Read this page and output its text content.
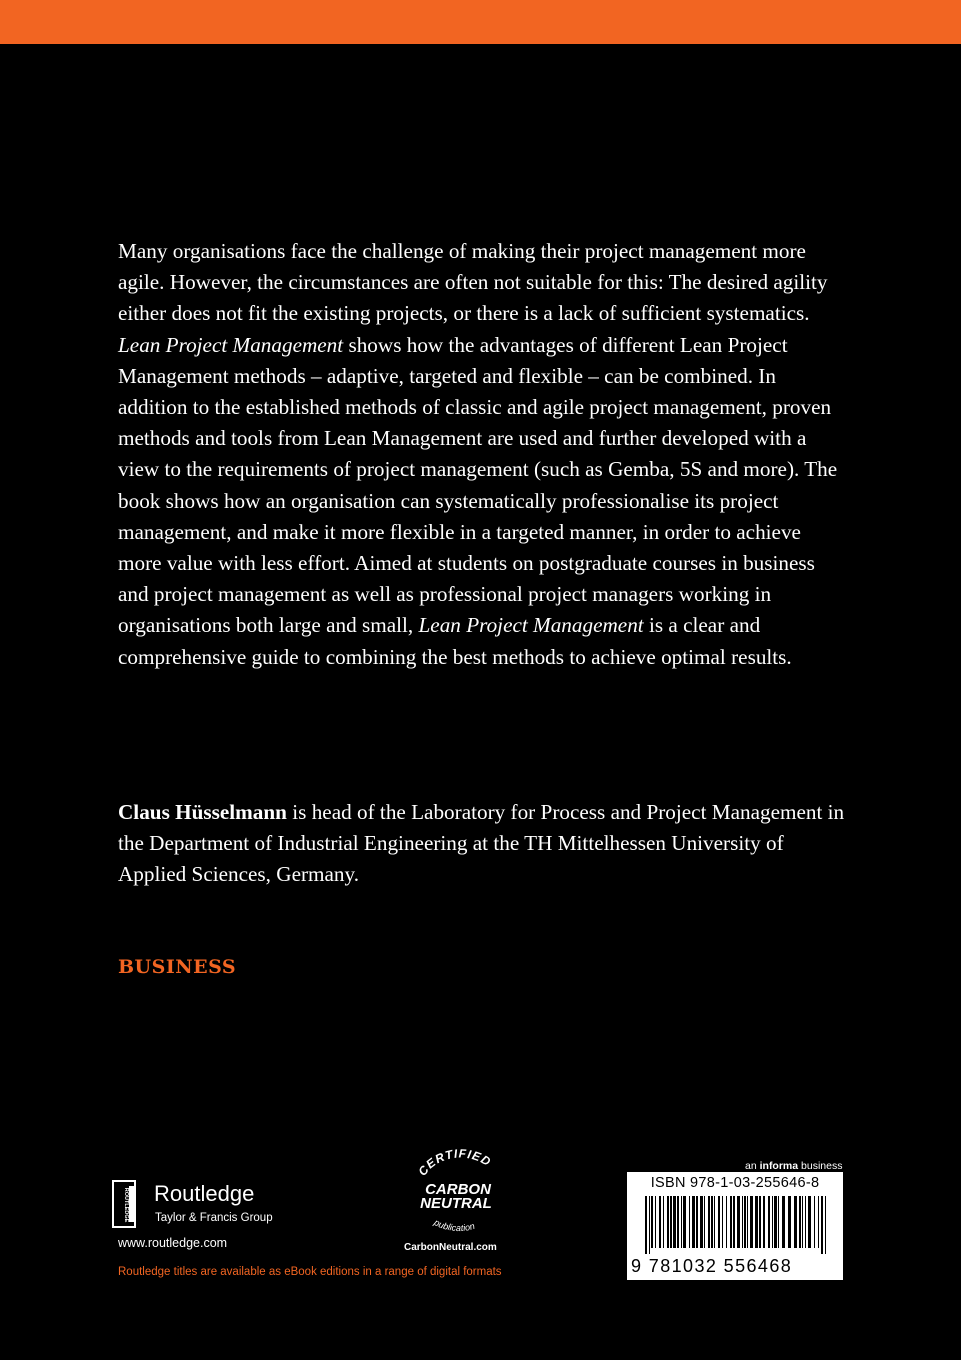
Many organisations face the challenge of making their project management more agile. However, the circumstances are often not suitable for this: The desired agility either does not fit the existing projects, or there is a lack of sufficient systematics. Lean Project Management shows how the advantages of different Lean Project Management methods – adaptive, targeted and flexible – can be combined. In addition to the established methods of classic and agile project management, proven methods and tools from Lean Management are used and further developed with a view to the requirements of project management (such as Gemba, 5S and more). The book shows how an organisation can systematically professionalise its project management, and make it more flexible in a targeted manner, in order to achieve more value with less effort. Aimed at students on postgraduate courses in business and project management as well as professional project managers working in organisations both large and small, Lean Project Management is a clear and comprehensive guide to combining the best methods to achieve optimal results.

Claus Hüsselmann is head of the Laboratory for Process and Project Management in the Department of Industrial Engineering at the TH Mittelhessen University of Applied Sciences, Germany.

BUSINESS
ROUTLEDGE Routledge
Taylor & Francis Group
www.routledge.com
Routledge titles are available as eBook editions in a range of digital formats
CERTIFIED
CARBON
NEUTRAL
publication
CarbonNeutral.com
an informa business
ISBN 978-1-03-255646-8
9 781032 556468
